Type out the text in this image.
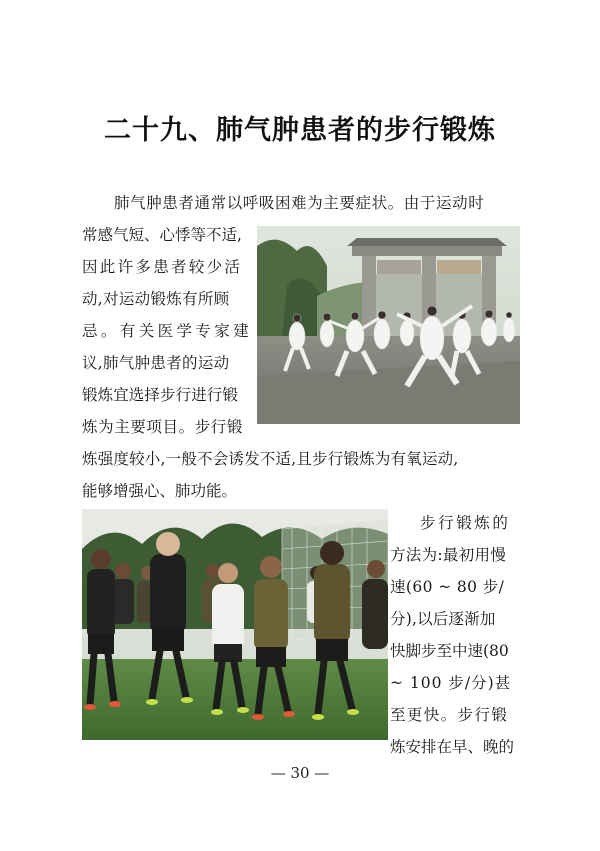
二十九、肺气肿患者的步行锻炼
肺气肿患者通常以呼吸困难为主要症状。由于运动时
常感气短、心悸等不适,
因此许多患者较少活
动,对运动锻炼有所顾
忌。有关医学专家建
议,肺气肿患者的运动
锻炼宜选择步行进行锻
炼为主要项目。步行锻
炼强度较小,一般不会诱发不适,且步行锻炼为有氧运动,
能够增强心、肺功能。
步行锻炼的
方法为:最初用慢
速(60 ~ 80 步/
分),以后逐渐加
快脚步至中速(80
~ 100 步/分)甚
至更快。步行锻
炼安排在早、晚的
— 30 —
